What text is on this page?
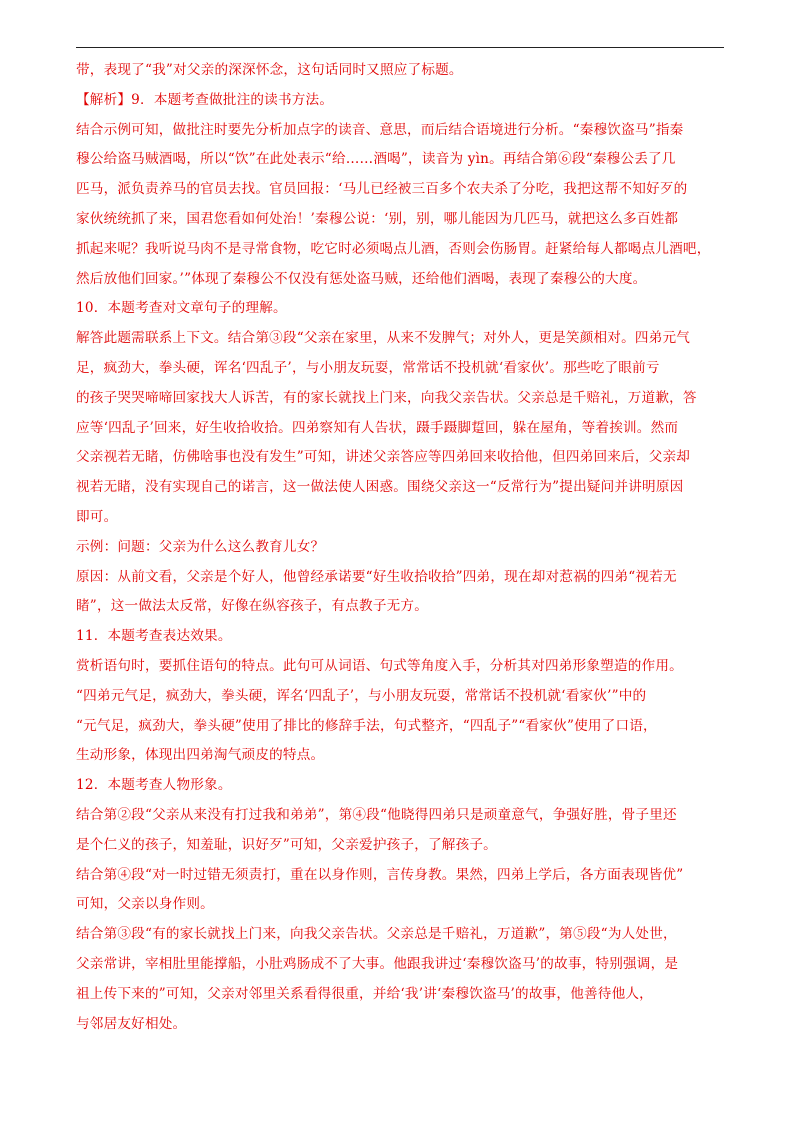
带，表现了“我”对父亲的深深怀念，这句话同时又照应了标题。
【解析】9．本题考查做批注的读书方法。
结合示例可知，做批注时要先分析加点字的读音、意思，而后结合语境进行分析。“秦穆饮盗马”指秦
穆公给盗马贼酒喝，所以“饮”在此处表示“给……酒喝”，读音为 yìn。再结合第⑥段“秦穆公丢了几
匹马，派负责养马的官员去找。官员回报：‘马儿已经被三百多个农夫杀了分吃，我把这帮不知好歹的
家伙统统抓了来，国君您看如何处治！’秦穆公说：‘别，别，哪儿能因为几匹马，就把这么多百姓都
抓起来呢？我听说马肉不是寻常食物，吃它时必须喝点儿酒，否则会伤肠胃。赶紧给每人都喝点儿酒吧，
然后放他们回家。’”体现了秦穆公不仅没有惩处盗马贼，还给他们酒喝，表现了秦穆公的大度。
10．本题考查对文章句子的理解。
解答此题需联系上下文。结合第③段“父亲在家里，从来不发脾气；对外人，更是笑颜相对。四弟元气
足，疯劲大，拳头硬，诨名‘四乱子’，与小朋友玩耍，常常话不投机就‘看家伙’。那些吃了眼前亏
的孩子哭哭啼啼回家找大人诉苦，有的家长就找上门来，向我父亲告状。父亲总是千赔礼，万道歉，答
应等‘四乱子’回来，好生收拾收拾。四弟察知有人告状，蹑手蹑脚踅回，躲在屋角，等着挨训。然而
父亲视若无睹，仿佛啥事也没有发生”可知，讲述父亲答应等四弟回来收拾他，但四弟回来后，父亲却
视若无睹，没有实现自己的诺言，这一做法使人困惑。围绕父亲这一“反常行为”提出疑问并讲明原因
即可。
示例：问题：父亲为什么这么教育儿女？
原因：从前文看，父亲是个好人，他曾经承诺要“好生收拾收拾”四弟，现在却对惹祸的四弟“视若无
睹”，这一做法太反常，好像在纵容孩子，有点教子无方。
11．本题考查表达效果。
赏析语句时，要抓住语句的特点。此句可从词语、句式等角度入手，分析其对四弟形象塑造的作用。
“四弟元气足，疯劲大，拳头硬，诨名‘四乱子’，与小朋友玩耍，常常话不投机就‘看家伙’”中的
“元气足，疯劲大，拳头硬”使用了排比的修辞手法，句式整齐，“四乱子”“看家伙”使用了口语，
生动形象，体现出四弟淘气顽皮的特点。
12．本题考查人物形象。
结合第②段“父亲从来没有打过我和弟弟”，第④段“他晓得四弟只是顽童意气，争强好胜，骨子里还
是个仁义的孩子，知羞耻，识好歹”可知，父亲爱护孩子，了解孩子。
结合第④段“对一时过错无须责打，重在以身作则，言传身教。果然，四弟上学后，各方面表现皆优”
可知，父亲以身作则。
结合第③段“有的家长就找上门来，向我父亲告状。父亲总是千赔礼，万道歉”，第⑤段“为人处世，
父亲常讲，宰相肚里能撑船，小肚鸡肠成不了大事。他跟我讲过‘秦穆饮盗马’的故事，特别强调，是
祖上传下来的”可知，父亲对邻里关系看得很重，并给‘我’讲‘秦穆饮盗马’的故事，他善待他人，
与邻居友好相处。
